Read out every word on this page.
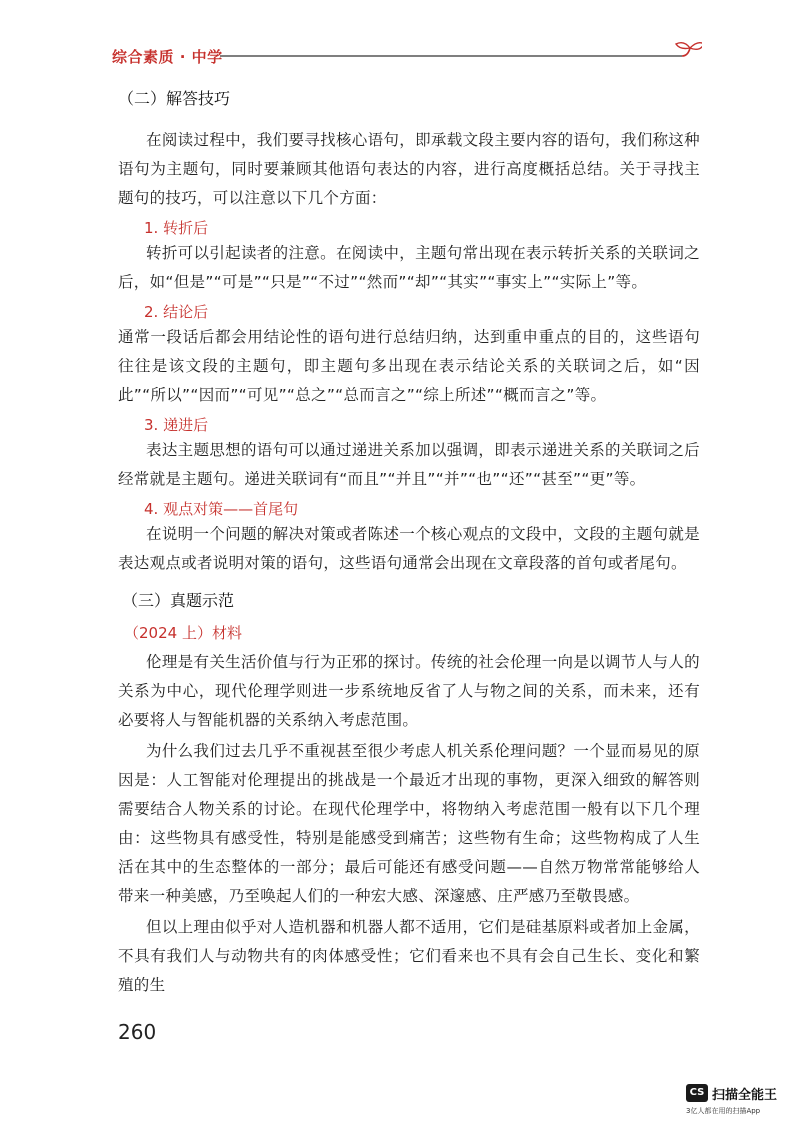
综合素质 · 中学
（二）解答技巧

在阅读过程中，我们要寻找核心语句，即承载文段主要内容的语句，我们称这种语句为主题句，同时要兼顾其他语句表达的内容，进行高度概括总结。关于寻找主题句的技巧，可以注意以下几个方面：

1. 转折后

转折可以引起读者的注意。在阅读中，主题句常出现在表示转折关系的关联词之后，如“但是”“可是”“只是”“不过”“然而”“却”“其实”“事实上”“实际上”等。

2. 结论后

通常一段话后都会用结论性的语句进行总结归纳，达到重申重点的目的，这些语句往往是该文段的主题句，即主题句多出现在表示结论关系的关联词之后，如“因此”“所以”“因而”“可见”“总之”“总而言之”“综上所述”“概而言之”等。

3. 递进后

表达主题思想的语句可以通过递进关系加以强调，即表示递进关系的关联词之后经常就是主题句。递进关联词有“而且”“并且”“并”“也”“还”“甚至”“更”等。

4. 观点对策——首尾句

在说明一个问题的解决对策或者陈述一个核心观点的文段中，文段的主题句就是表达观点或者说明对策的语句，这些语句通常会出现在文章段落的首句或者尾句。

（三）真题示范
（2024 上）材料

伦理是有关生活价值与行为正邪的探讨。传统的社会伦理一向是以调节人与人的关系为中心，现代伦理学则进一步系统地反省了人与物之间的关系，而未来，还有必要将人与智能机器的关系纳入考虑范围。

为什么我们过去几乎不重视甚至很少考虑人机关系伦理问题？一个显而易见的原因是：人工智能对伦理提出的挑战是一个最近才出现的事物，更深入细致的解答则需要结合人物关系的讨论。在现代伦理学中，将物纳入考虑范围一般有以下几个理由：这些物具有感受性，特别是能感受到痛苦；这些物有生命；这些物构成了人生活在其中的生态整体的一部分；最后可能还有感受问题——自然万物常常能够给人带来一种美感，乃至唤起人们的一种宏大感、深邃感、庄严感乃至敬畏感。

但以上理由似乎对人造机器和机器人都不适用，它们是硅基原料或者加上金属，不具有我们人与动物共有的肉体感受性；它们看来也不具有会自己生长、变化和繁殖的生

260
CS 扫描全能王
3亿人都在用的扫描App
